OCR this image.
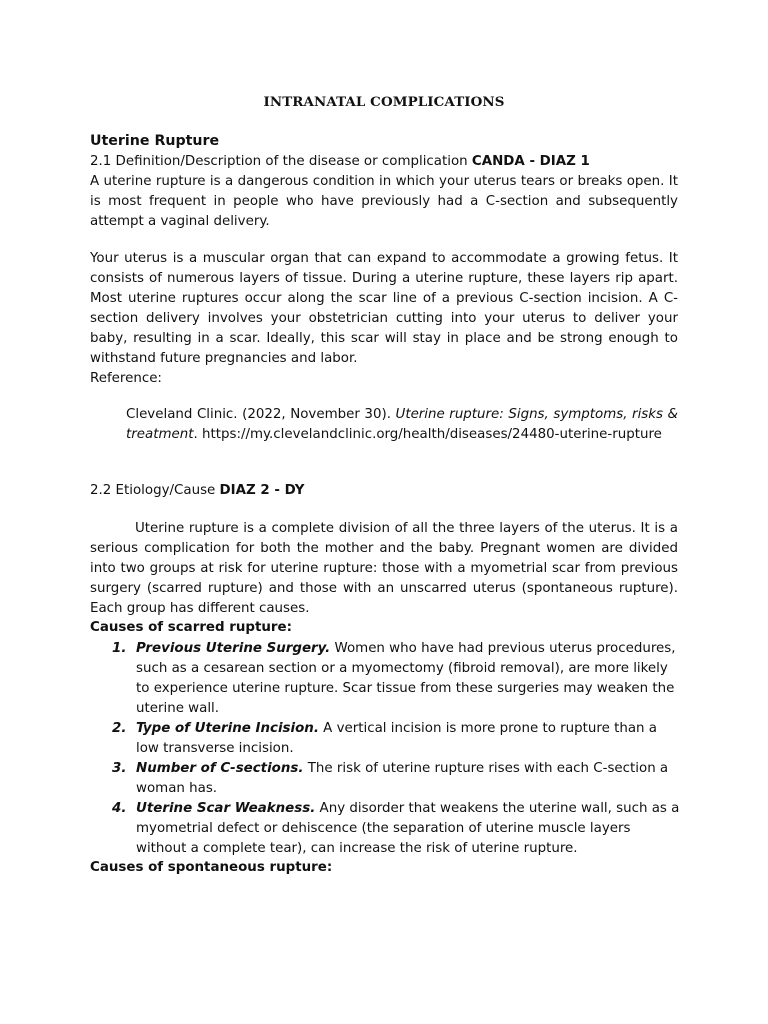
INTRANATAL COMPLICATIONS
Uterine Rupture
2.1 Definition/Description of the disease or complication CANDA - DIAZ 1

A uterine rupture is a dangerous condition in which your uterus tears or breaks open. It is most frequent in people who have previously had a C-section and subsequently attempt a vaginal delivery.

Your uterus is a muscular organ that can expand to accommodate a growing fetus. It consists of numerous layers of tissue. During a uterine rupture, these layers rip apart. Most uterine ruptures occur along the scar line of a previous C-section incision. A C-section delivery involves your obstetrician cutting into your uterus to deliver your baby, resulting in a scar. Ideally, this scar will stay in place and be strong enough to withstand future pregnancies and labor.

Reference:

Cleveland Clinic. (2022, November 30). Uterine rupture: Signs, symptoms, risks & treatment. https://my.clevelandclinic.org/health/diseases/24480-uterine-rupture

2.2 Etiology/Cause DIAZ 2 - DY

Uterine rupture is a complete division of all the three layers of the uterus. It is a serious complication for both the mother and the baby. Pregnant women are divided into two groups at risk for uterine rupture: those with a myometrial scar from previous surgery (scarred rupture) and those with an unscarred uterus (spontaneous rupture). Each group has different causes.

Causes of scarred rupture:
1. Previous Uterine Surgery. Women who have had previous uterus procedures, such as a cesarean section or a myomectomy (fibroid removal), are more likely to experience uterine rupture. Scar tissue from these surgeries may weaken the uterine wall.
2. Type of Uterine Incision. A vertical incision is more prone to rupture than a low transverse incision.
3. Number of C-sections. The risk of uterine rupture rises with each C-section a woman has.
4. Uterine Scar Weakness. Any disorder that weakens the uterine wall, such as a myometrial defect or dehiscence (the separation of uterine muscle layers without a complete tear), can increase the risk of uterine rupture.
Causes of spontaneous rupture:
